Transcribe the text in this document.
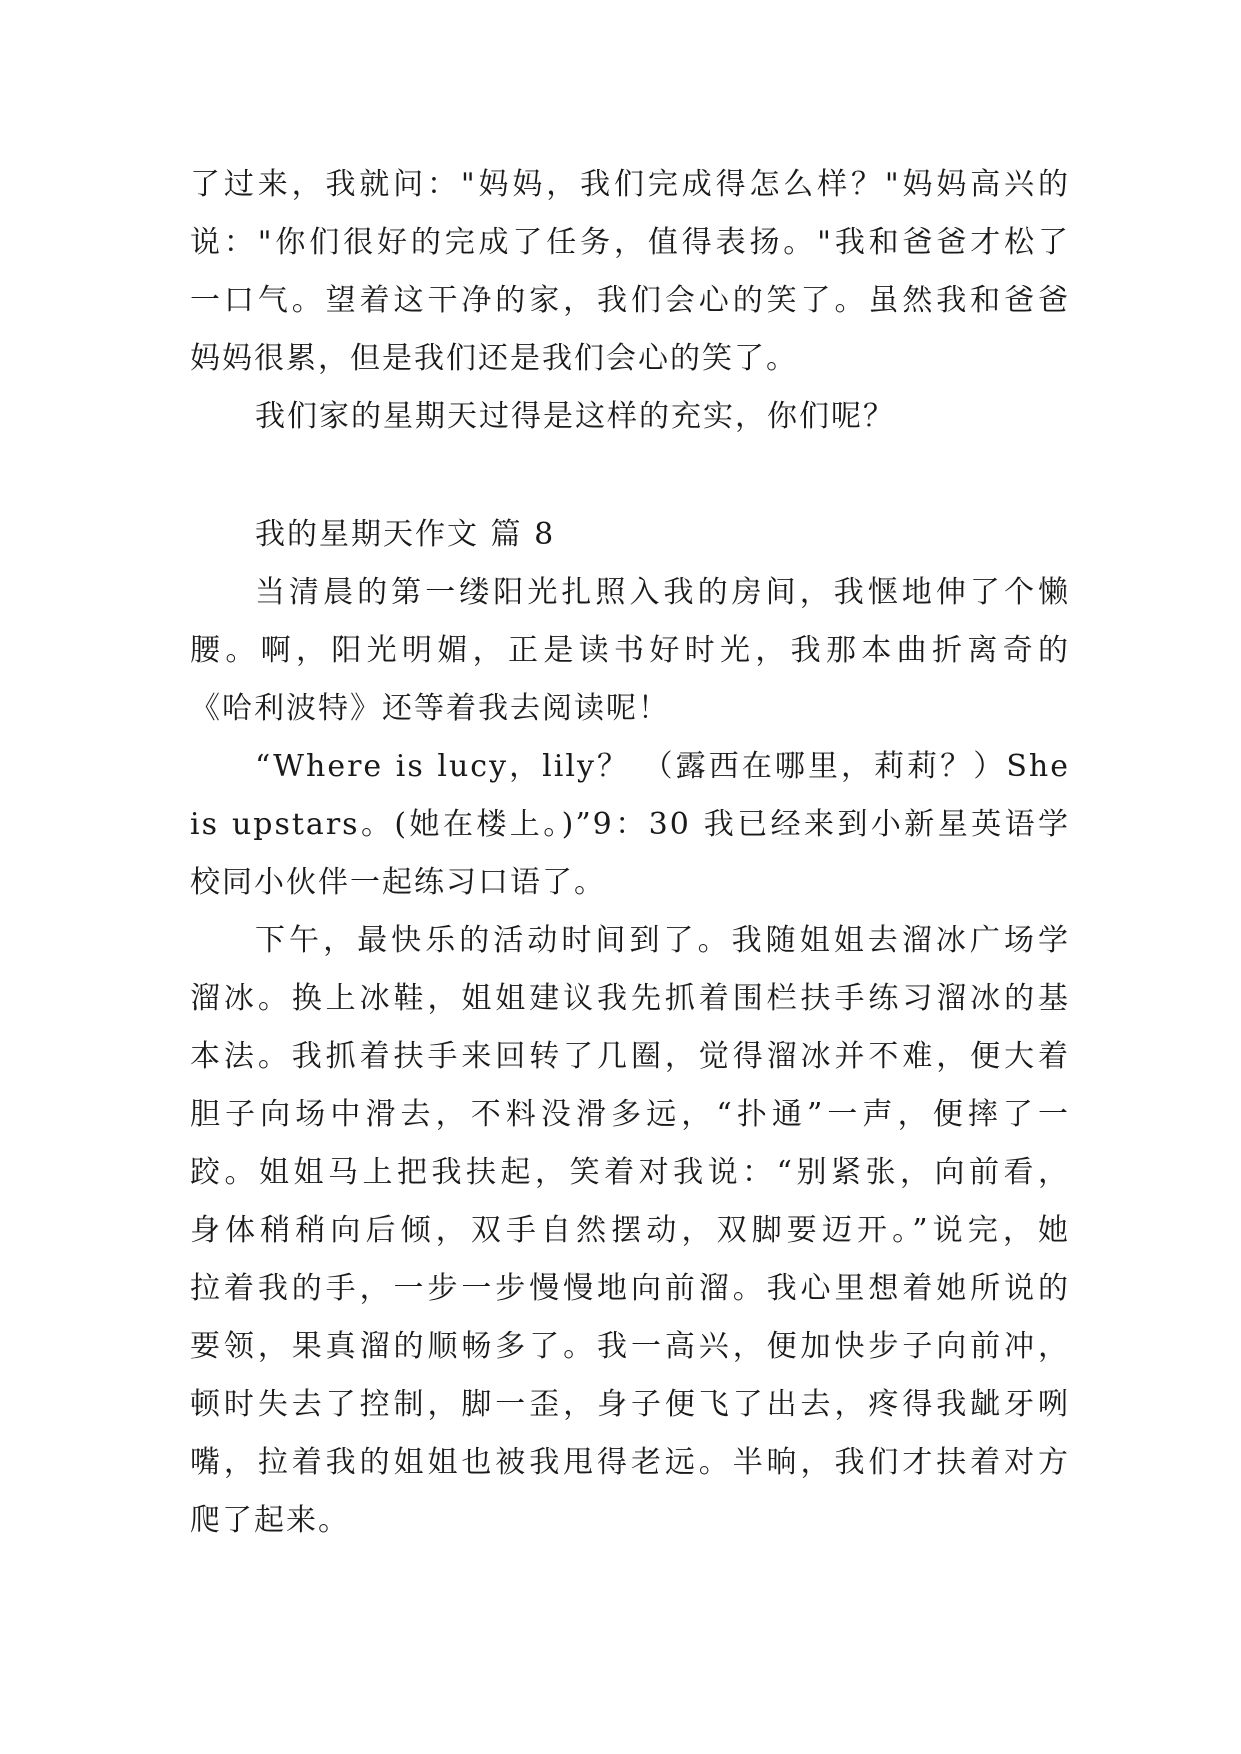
了过来，我就问："妈妈，我们完成得怎么样？"妈妈高兴的
说："你们很好的完成了任务，值得表扬。"我和爸爸才松了
一口气。望着这干净的家，我们会心的笑了。虽然我和爸爸
妈妈很累，但是我们还是我们会心的笑了。
我们家的星期天过得是这样的充实，你们呢？
我的星期天作文 篇 8
当清晨的第一缕阳光扎照入我的房间，我惬地伸了个懒
腰。啊，阳光明媚，正是读书好时光，我那本曲折离奇的
《哈利波特》还等着我去阅读呢！
“Where is lucy，lily？ （露西在哪里，莉莉？）She
is upstars。(她在楼上。)”9：30 我已经来到小新星英语学
校同小伙伴一起练习口语了。
下午，最快乐的活动时间到了。我随姐姐去溜冰广场学
溜冰。换上冰鞋，姐姐建议我先抓着围栏扶手练习溜冰的基
本法。我抓着扶手来回转了几圈，觉得溜冰并不难，便大着
胆子向场中滑去，不料没滑多远，“扑通”一声，便摔了一
跤。姐姐马上把我扶起，笑着对我说：“别紧张，向前看，
身体稍稍向后倾，双手自然摆动，双脚要迈开。”说完，她
拉着我的手，一步一步慢慢地向前溜。我心里想着她所说的
要领，果真溜的顺畅多了。我一高兴，便加快步子向前冲，
顿时失去了控制，脚一歪，身子便飞了出去，疼得我龇牙咧
嘴，拉着我的姐姐也被我甩得老远。半晌，我们才扶着对方
爬了起来。
